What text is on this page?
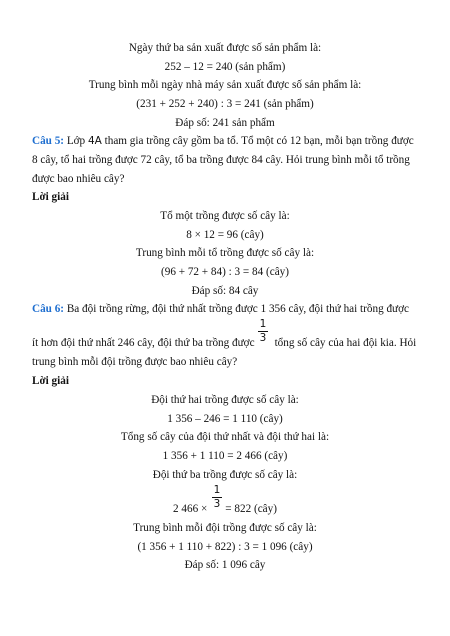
Ngày thứ ba sản xuất được số sản phẩm là:
252 – 12 = 240 (sản phẩm)
Trung bình mỗi ngày nhà máy sản xuất được số sản phẩm là:
(231 + 252 + 240) : 3 = 241 (sản phẩm)
Đáp số: 241 sản phẩm
Câu 5: Lớp 4A tham gia trồng cây gồm ba tổ. Tổ một có 12 bạn, mỗi bạn trồng được
8 cây, tổ hai trồng được 72 cây, tổ ba trồng được 84 cây. Hỏi trung bình mỗi tổ trồng
được bao nhiêu cây?
Lời giải
Tổ một trồng được số cây là:
8 × 12 = 96 (cây)
Trung bình mỗi tổ trồng được số cây là:
(96 + 72 + 84) : 3 = 84 (cây)
Đáp số: 84 cây
Câu 6: Ba đội trồng rừng, đội thứ nhất trồng được 1 356 cây, đội thứ hai trồng được
ít hơn đội thứ nhất 246 cây, đội thứ ba trồng được tổng số cây của hai đội kia. Hỏi
1
3
trung bình mỗi đội trồng được bao nhiêu cây?
Lời giải
Đội thứ hai trồng được số cây là:
1 356 – 246 = 1 110 (cây)
Tổng số cây của đội thứ nhất và đội thứ hai là:
1 356 + 1 110 = 2 466 (cây)
Đội thứ ba trồng được số cây là:
2 466 × = 822 (cây)
1
3
Trung bình mỗi đội trồng được số cây là:
(1 356 + 1 110 + 822) : 3 = 1 096 (cây)
Đáp số: 1 096 cây
